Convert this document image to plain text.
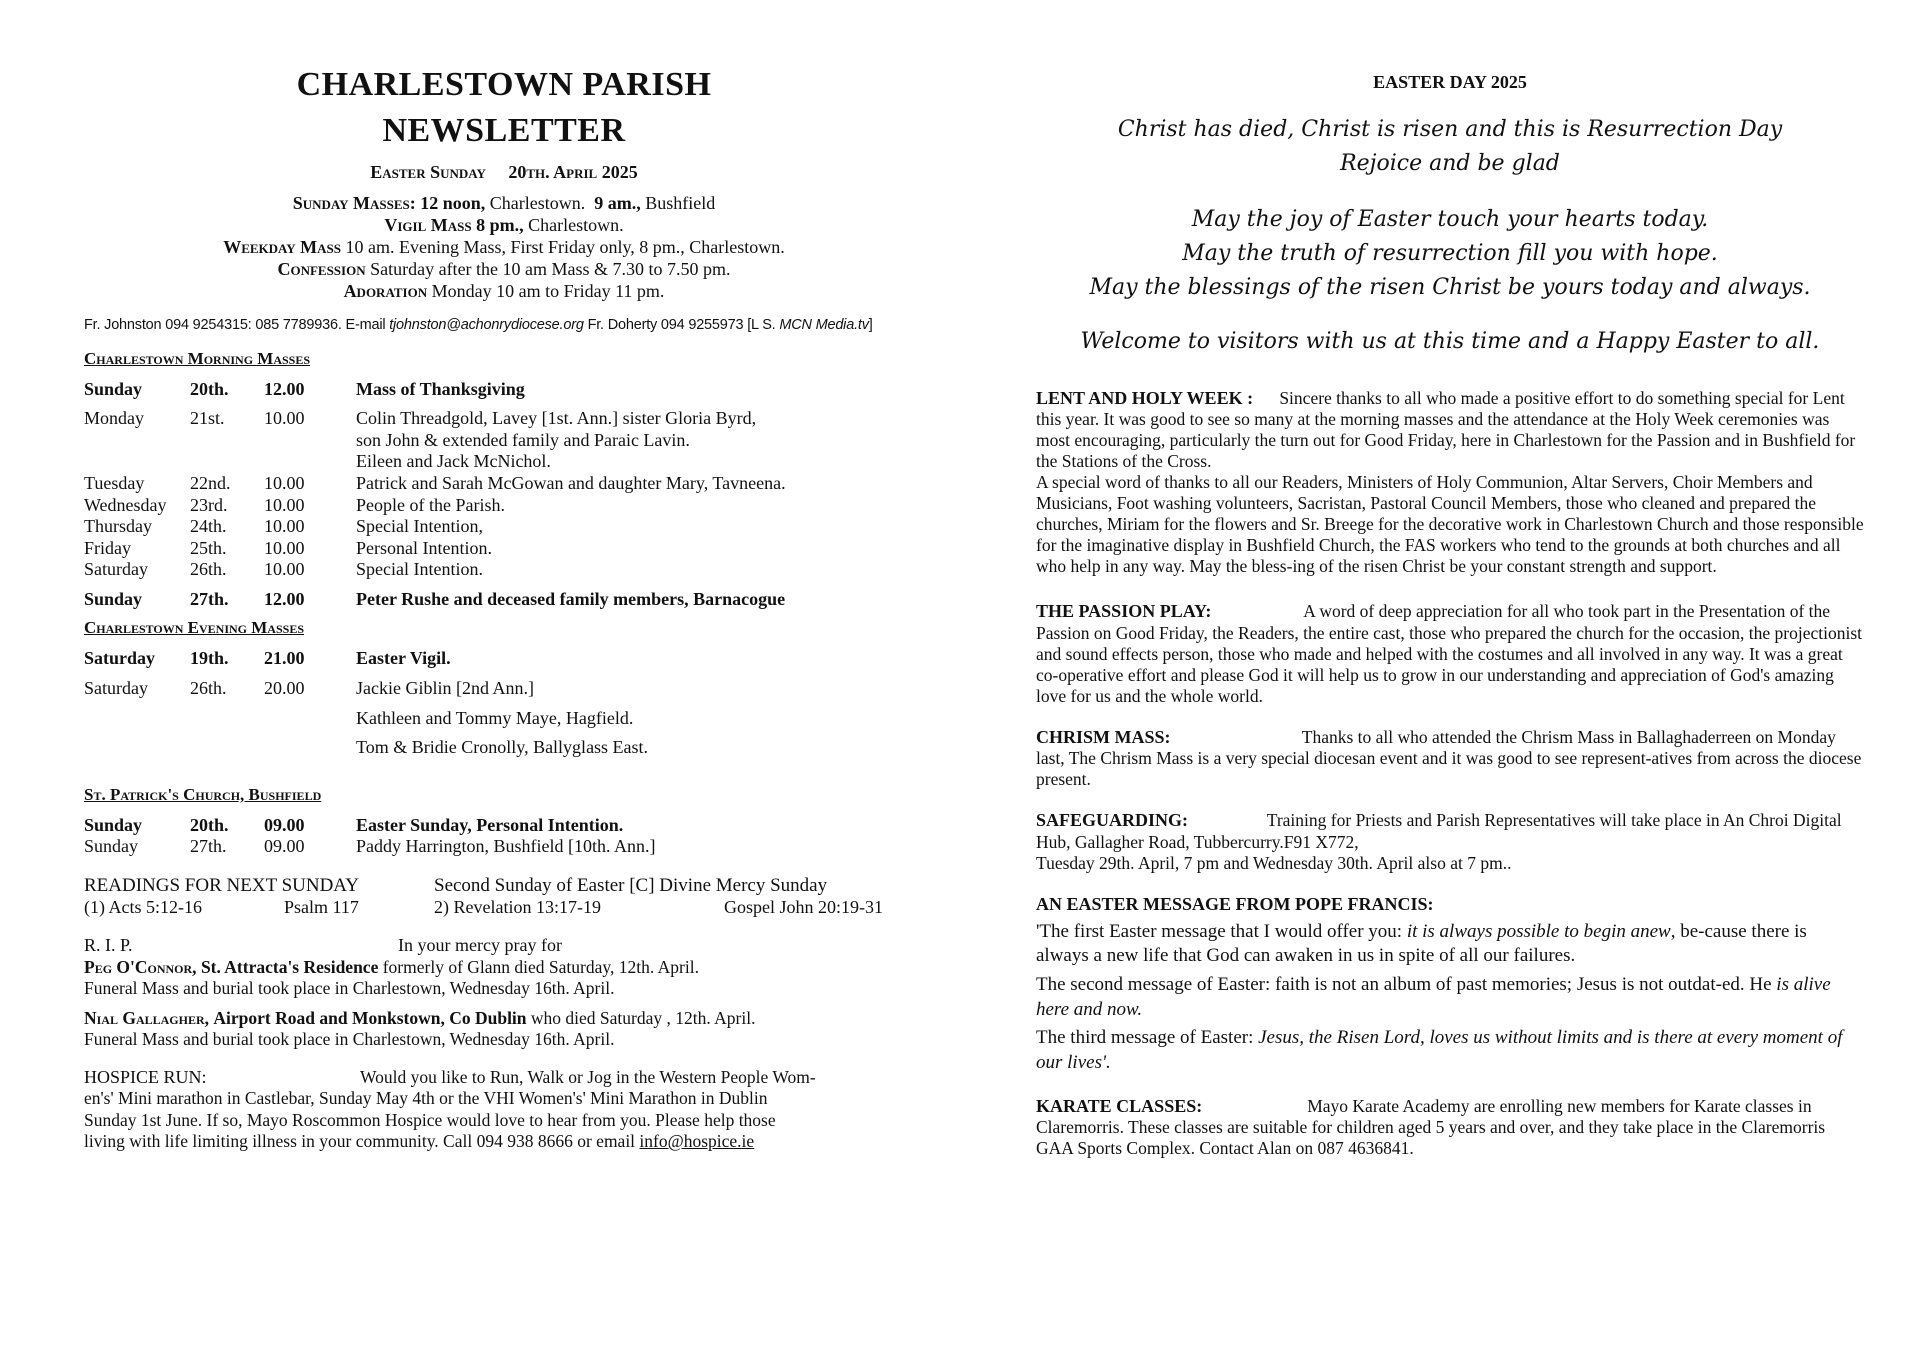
CHARLESTOWN PARISH
NEWSLETTER
Easter Sunday 20th. April 2025
Sunday Masses: 12 noon, Charlestown. 9 am., Bushfield
Vigil Mass 8 pm., Charlestown.
Weekday Mass 10 am. Evening Mass, First Friday only, 8 pm., Charlestown.
Confession Saturday after the 10 am Mass & 7.30 to 7.50 pm.
Adoration Monday 10 am to Friday 11 pm.
Fr. Johnston 094 9254315: 085 7789936. E-mail tjohnston@achonrydiocese.org Fr. Doherty 094 9255973 [L S. MCN Media.tv]
Charlestown Morning Masses
Sunday	20th.	12.00	Mass of Thanksgiving
Monday	21st.	10.00	Colin Threadgold, Lavey [1st. Ann.] sister Gloria Byrd,
			son John & extended family and Paraic Lavin.
			Eileen and Jack McNichol.
Tuesday	22nd.	10.00	Patrick and Sarah McGowan and daughter Mary, Tavneena.
Wednesday	23rd.	10.00	People of the Parish.
Thursday	24th.	10.00	Special Intention,
Friday	25th.	10.00	Personal Intention.
Saturday	26th.	10.00	Special Intention.
Sunday	27th.	12.00	Peter Rushe and deceased family members, Barnacogue
Charlestown Evening Masses
Saturday	19th.	21.00	Easter Vigil.
Saturday	26th.	20.00	Jackie Giblin [2nd Ann.]
			Kathleen and Tommy Maye, Hagfield.
			Tom & Bridie Cronolly, Ballyglass East.
St. Patrick's Church, Bushfield
Sunday	20th.	09.00	Easter Sunday, Personal Intention.
Sunday	27th.	09.00	Paddy Harrington, Bushfield [10th. Ann.]
READINGS FOR NEXT SUNDAY	Second Sunday of Easter [C] Divine Mercy Sunday
(1) Acts 5:12-16	Psalm 117	2) Revelation 13:17-19	Gospel John 20:19-31
R. I. P.	In your mercy pray for
Peg O'Connor, St. Attracta's Residence formerly of Glann died Saturday, 12th. April.
Funeral Mass and burial took place in Charlestown, Wednesday 16th. April.
Nial Gallagher, Airport Road and Monkstown, Co Dublin who died Saturday , 12th. April.
Funeral Mass and burial took place in Charlestown, Wednesday 16th. April.
HOSPICE RUN:	Would you like to Run, Walk or Jog in the Western People Wom-
en's' Mini marathon in Castlebar, Sunday May 4th or the VHI Women's' Mini Marathon in Dublin
Sunday 1st June. If so, Mayo Roscommon Hospice would love to hear from you. Please help those
living with life limiting illness in your community. Call 094 938 8666 or email info@hospice.ie
EASTER DAY 2025
Christ has died, Christ is risen and this is Resurrection Day
Rejoice and be glad
May the joy of Easter touch your hearts today.
May the truth of resurrection fill you with hope.
May the blessings of the risen Christ be yours today and always.
Welcome to visitors with us at this time and a Happy Easter to all.
LENT AND HOLY WEEK : Sincere thanks to all who made a positive effort to do something special for Lent this year. It was good to see so many at the morning masses and the attendance at the Holy Week ceremonies was most encouraging, particularly the turn out for Good Friday, here in Charlestown for the Passion and in Bushfield for the Stations of the Cross.
A special word of thanks to all our Readers, Ministers of Holy Communion, Altar Servers, Choir Members and Musicians, Foot washing volunteers, Sacristan, Pastoral Council Members, those who cleaned and prepared the churches, Miriam for the flowers and Sr. Breege for the decorative work in Charlestown Church and those responsible for the imaginative display in Bushfield Church, the FAS workers who tend to the grounds at both churches and all who help in any way. May the bless-ing of the risen Christ be your constant strength and support.
THE PASSION PLAY:	A word of deep appreciation for all who took part in the Presentation of the Passion on Good Friday, the Readers, the entire cast, those who prepared the church for the occasion, the projectionist and sound effects person, those who made and helped with the costumes and all involved in any way. It was a great co-operative effort and please God it will help us to grow in our understanding and appreciation of God's amazing love for us and the whole world.
CHRISM MASS:	Thanks to all who attended the Chrism Mass in Ballaghaderreen on Monday last, The Chrism Mass is a very special diocesan event and it was good to see represent-atives from across the diocese present.
SAFEGUARDING:	Training for Priests and Parish Representatives will take place in An Chroi Digital Hub, Gallagher Road, Tubbercurry.F91 X772,
Tuesday 29th. April, 7 pm and Wednesday 30th. April also at 7 pm..
AN EASTER MESSAGE FROM POPE FRANCIS:
'The first Easter message that I would offer you: it is always possible to begin anew, be-cause there is always a new life that God can awaken in us in spite of all our failures.
The second message of Easter: faith is not an album of past memories; Jesus is not outdat-ed. He is alive here and now.
The third message of Easter: Jesus, the Risen Lord, loves us without limits and is there at every moment of our lives'.
KARATE CLASSES:	Mayo Karate Academy are enrolling new members for Karate classes in Claremorris. These classes are suitable for children aged 5 years and over, and they take place in the Claremorris GAA Sports Complex. Contact Alan on 087 4636841.
